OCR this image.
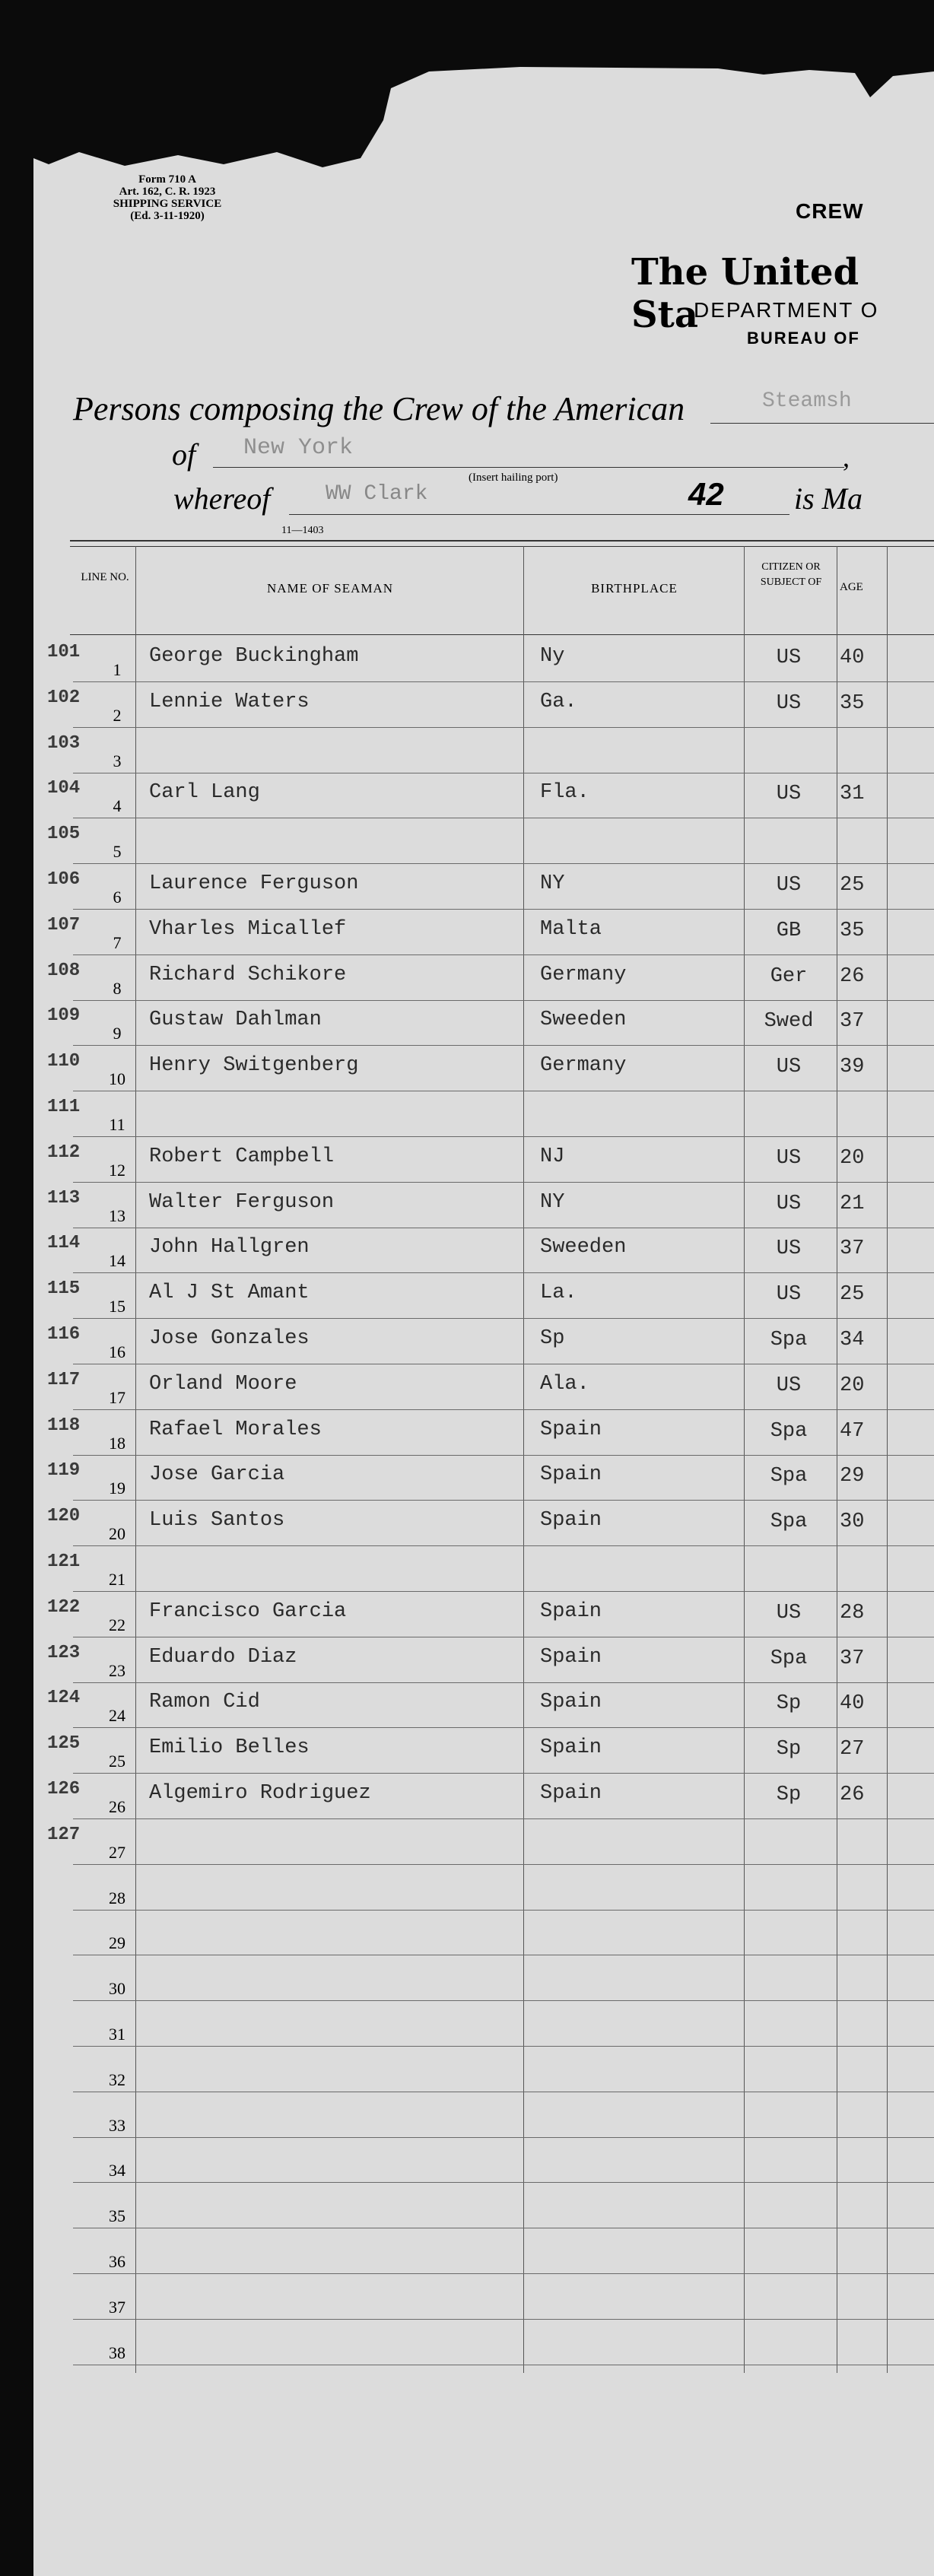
Form 710 A
Art. 162, C. R. 1923
SHIPPING SERVICE
(Ed. 3-11-1920)	CREW
The United Sta
DEPARTMENT O
BUREAU OF
Persons composing the Crew of the American	Steamsh
of New York	,
(Insert hailing port)
whereof	WW Clark	42 is Ma
11—1403
LINE NO.
NAME OF SEAMAN	BIRTHPLACE
CITIZEN OR SUBJECT OF	AGE
101
1
George Buckingham	Ny	US	40
102
2
Lennie Waters	Ga.	US	35
103
3
104
4
Carl Lang	Fla.	US	31
105
5
106
6
Laurence Ferguson	NY	US	25
107
7
Vharles Micallef	Malta	GB	35
108
8
Richard Schikore	Germany	Ger	26
109
9
Gustaw Dahlman	Sweeden	Swed	37
110
10
Henry Switgenberg	Germany	US	39
111
11
112
12
Robert Campbell	NJ	US	20
113
13
Walter Ferguson	NY	US	21
114
14
John Hallgren	Sweeden	US	37
115
15
Al J St Amant	La.	US	25
116
16
Jose Gonzales	Sp	Spa	34
117
17
Orland Moore	Ala.	US	20
118
18
Rafael Morales	Spain	Spa	47
119
19
Jose Garcia	Spain	Spa	29
120
20
Luis Santos	Spain	Spa	30
121
21
122
22
Francisco Garcia	Spain	US	28
123
23
Eduardo Diaz	Spain	Spa	37
124
24
Ramon Cid	Spain	Sp	40
125
25
Emilio Belles	Spain	Sp	27
126
26
Algemiro Rodriguez	Spain	Sp	26
127
27
28
29
30
31
32
33
34
35
36
37
38
